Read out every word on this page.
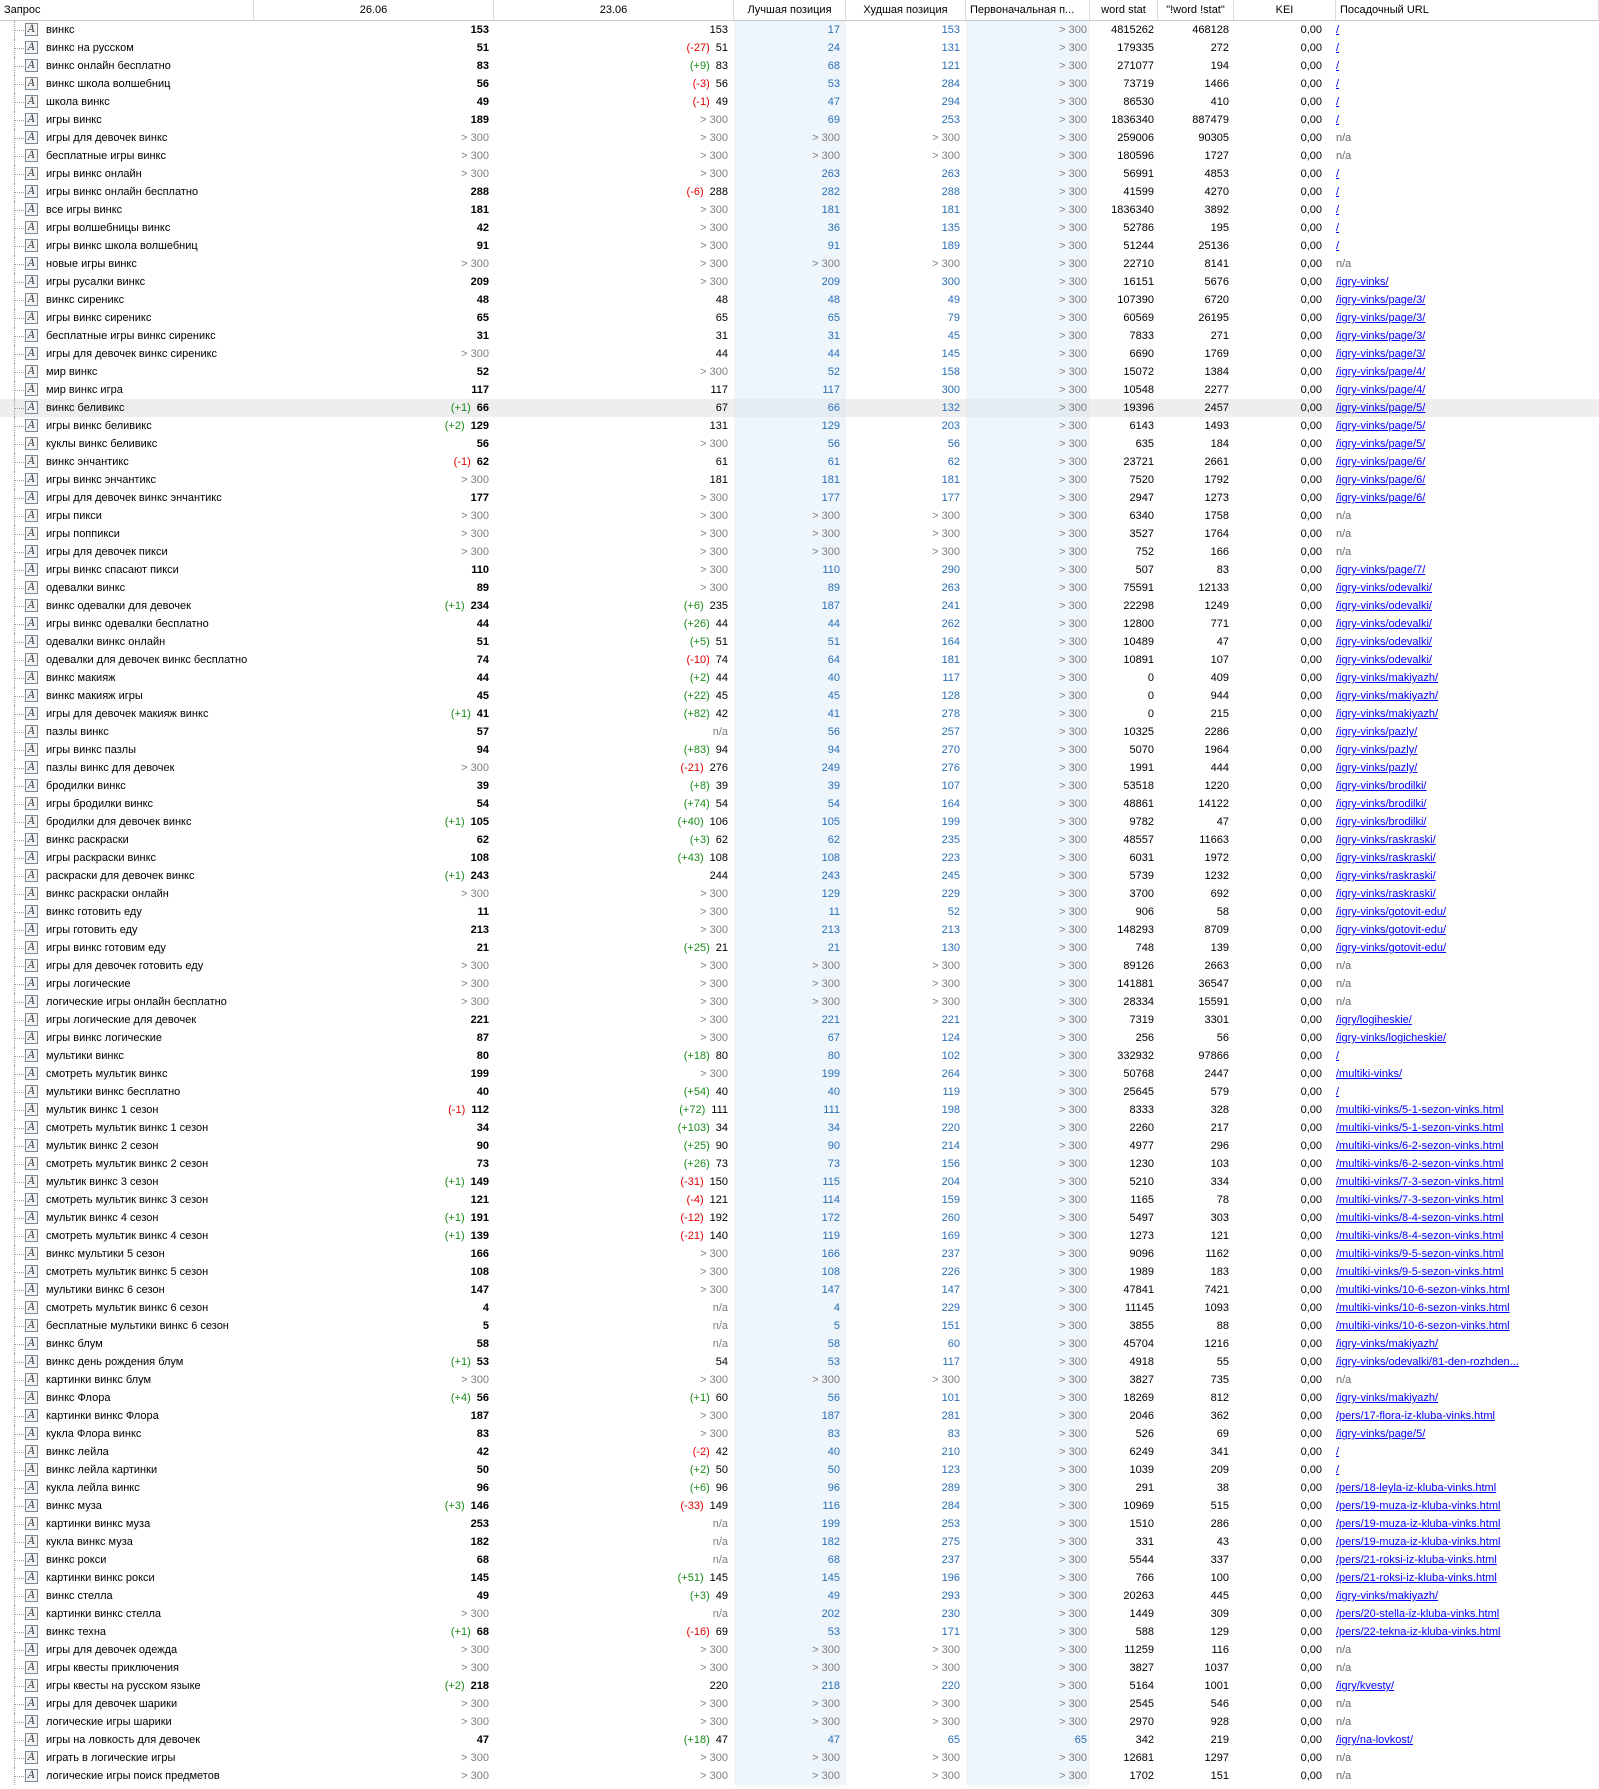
Запрос	26.06	23.06	Лучшая позиция	Худшая позиция	Первоначальная п...	word stat	"!word !stat"	KEI	Посадочный URL
A винкс	153	153	17	153	> 300	4815262	468128	0,00 /
A винкс на русском	51	(-27) 51	24	131	> 300	179335	272	0,00 /
A винкс онлайн бесплатно	83	(+9) 83	68	121	> 300	271077	194	0,00 /
A винкс школа волшебниц	56	(-3) 56	53	284	> 300	73719	1466	0,00 /
A школа винкс	49	(-1) 49	47	294	> 300	86530	410	0,00 /
A игры винкс	189	> 300	69	253	> 300	1836340	887479	0,00 /
A игры для девочек винкс	> 300	> 300	> 300	> 300	> 300	259006	90305	0,00 n/a
A бесплатные игры винкс	> 300	> 300	> 300	> 300	> 300	180596	1727	0,00 n/a
A игры винкс онлайн	> 300	> 300	263	263	> 300	56991	4853	0,00 /
A игры винкс онлайн бесплатно	288	(-6) 288	282	288	> 300	41599	4270	0,00 /
A все игры винкс	181	> 300	181	181	> 300	1836340	3892	0,00 /
A игры волшебницы винкс	42	> 300	36	135	> 300	52786	195	0,00 /
A игры винкс школа волшебниц	91	> 300	91	189	> 300	51244	25136	0,00 /
A новые игры винкс	> 300	> 300	> 300	> 300	> 300	22710	8141	0,00 n/a
A игры русалки винкс	209	> 300	209	300	> 300	16151	5676	0,00 /igry-vinks/
A винкс сиреникс	48	48	48	49	> 300	107390	6720	0,00 /igry-vinks/page/3/
A игры винкс сиреникс	65	65	65	79	> 300	60569	26195	0,00 /igry-vinks/page/3/
A бесплатные игры винкс сиреникс	31	31	31	45	> 300	7833	271	0,00 /igry-vinks/page/3/
A игры для девочек винкс сиреникс	> 300	44	44	145	> 300	6690	1769	0,00 /igry-vinks/page/3/
A мир винкс	52	> 300	52	158	> 300	15072	1384	0,00 /igry-vinks/page/4/
A мир винкс игра	117	117	117	300	> 300	10548	2277	0,00 /igry-vinks/page/4/
A винкс беливикс	(+1) 66	67	66	132	> 300	19396	2457	0,00 /igry-vinks/page/5/
A игры винкс беливикс	(+2) 129	131	129	203	> 300	6143	1493	0,00 /igry-vinks/page/5/
A куклы винкс беливикс	56	> 300	56	56	> 300	635	184	0,00 /igry-vinks/page/5/
A винкс энчантикс	(-1) 62	61	61	62	> 300	23721	2661	0,00 /igry-vinks/page/6/
A игры винкс энчантикс	> 300	181	181	181	> 300	7520	1792	0,00 /igry-vinks/page/6/
A игры для девочек винкс энчантикс	177	> 300	177	177	> 300	2947	1273	0,00 /igry-vinks/page/6/
A игры пикси	> 300	> 300	> 300	> 300	> 300	6340	1758	0,00 n/a
A игры поппикси	> 300	> 300	> 300	> 300	> 300	3527	1764	0,00 n/a
A игры для девочек пикси	> 300	> 300	> 300	> 300	> 300	752	166	0,00 n/a
A игры винкс спасают пикси	110	> 300	110	290	> 300	507	83	0,00 /igry-vinks/page/7/
A одевалки винкс	89	> 300	89	263	> 300	75591	12133	0,00 /igry-vinks/odevalki/
A винкс одевалки для девочек	(+1) 234	(+6) 235	187	241	> 300	22298	1249	0,00 /igry-vinks/odevalki/
A игры винкс одевалки бесплатно	44	(+26) 44	44	262	> 300	12800	771	0,00 /igry-vinks/odevalki/
A одевалки винкс онлайн	51	(+5) 51	51	164	> 300	10489	47	0,00 /igry-vinks/odevalki/
A одевалки для девочек винкс бесплатно	74	(-10) 74	64	181	> 300	10891	107	0,00 /igry-vinks/odevalki/
A винкс макияж	44	(+2) 44	40	117	> 300	0	409	0,00 /igry-vinks/makiyazh/
A винкс макияж игры	45	(+22) 45	45	128	> 300	0	944	0,00 /igry-vinks/makiyazh/
A игры для девочек макияж винкс	(+1) 41	(+82) 42	41	278	> 300	0	215	0,00 /igry-vinks/makiyazh/
A пазлы винкс	57	n/a	56	257	> 300	10325	2286	0,00 /igry-vinks/pazly/
A игры винкс пазлы	94	(+83) 94	94	270	> 300	5070	1964	0,00 /igry-vinks/pazly/
A пазлы винкс для девочек	> 300	(-21) 276	249	276	> 300	1991	444	0,00 /igry-vinks/pazly/
A бродилки винкс	39	(+8) 39	39	107	> 300	53518	1220	0,00 /igry-vinks/brodilki/
A игры бродилки винкс	54	(+74) 54	54	164	> 300	48861	14122	0,00 /igry-vinks/brodilki/
A бродилки для девочек винкс	(+1) 105	(+40) 106	105	199	> 300	9782	47	0,00 /igry-vinks/brodilki/
A винкс раскраски	62	(+3) 62	62	235	> 300	48557	11663	0,00 /igry-vinks/raskraski/
A игры раскраски винкс	108	(+43) 108	108	223	> 300	6031	1972	0,00 /igry-vinks/raskraski/
A раскраски для девочек винкс	(+1) 243	244	243	245	> 300	5739	1232	0,00 /igry-vinks/raskraski/
A винкс раскраски онлайн	> 300	> 300	129	229	> 300	3700	692	0,00 /igry-vinks/raskraski/
A винкс готовить еду	11	> 300	11	52	> 300	906	58	0,00 /igry-vinks/gotovit-edu/
A игры готовить еду	213	> 300	213	213	> 300	148293	8709	0,00 /igry-vinks/gotovit-edu/
A игры винкс готовим еду	21	(+25) 21	21	130	> 300	748	139	0,00 /igry-vinks/gotovit-edu/
A игры для девочек готовить еду	> 300	> 300	> 300	> 300	> 300	89126	2663	0,00 n/a
A игры логические	> 300	> 300	> 300	> 300	> 300	141881	36547	0,00 n/a
A логические игры онлайн бесплатно	> 300	> 300	> 300	> 300	> 300	28334	15591	0,00 n/a
A игры логические для девочек	221	> 300	221	221	> 300	7319	3301	0,00 /igry/logiheskie/
A игры винкс логические	87	> 300	67	124	> 300	256	56	0,00 /igry-vinks/logicheskie/
A мультики винкс	80	(+18) 80	80	102	> 300	332932	97866	0,00 /
A смотреть мультик винкс	199	> 300	199	264	> 300	50768	2447	0,00 /multiki-vinks/
A мультики винкс бесплатно	40	(+54) 40	40	119	> 300	25645	579	0,00 /
A мультик винкс 1 сезон	(-1) 112	(+72) 111	111	198	> 300	8333	328	0,00 /multiki-vinks/5-1-sezon-vinks.html
A смотреть мультик винкс 1 сезон	34	(+103) 34	34	220	> 300	2260	217	0,00 /multiki-vinks/5-1-sezon-vinks.html
A мультик винкс 2 сезон	90	(+25) 90	90	214	> 300	4977	296	0,00 /multiki-vinks/6-2-sezon-vinks.html
A смотреть мультик винкс 2 сезон	73	(+26) 73	73	156	> 300	1230	103	0,00 /multiki-vinks/6-2-sezon-vinks.html
A мультик винкс 3 сезон	(+1) 149	(-31) 150	115	204	> 300	5210	334	0,00 /multiki-vinks/7-3-sezon-vinks.html
A смотреть мультик винкс 3 сезон	121	(-4) 121	114	159	> 300	1165	78	0,00 /multiki-vinks/7-3-sezon-vinks.html
A мультик винкс 4 сезон	(+1) 191	(-12) 192	172	260	> 300	5497	303	0,00 /multiki-vinks/8-4-sezon-vinks.html
A смотреть мультик винкс 4 сезон	(+1) 139	(-21) 140	119	169	> 300	1273	121	0,00 /multiki-vinks/8-4-sezon-vinks.html
A винкс мультики 5 сезон	166	> 300	166	237	> 300	9096	1162	0,00 /multiki-vinks/9-5-sezon-vinks.html
A смотреть мультик винкс 5 сезон	108	> 300	108	226	> 300	1989	183	0,00 /multiki-vinks/9-5-sezon-vinks.html
A мультики винкс 6 сезон	147	> 300	147	147	> 300	47841	7421	0,00 /multiki-vinks/10-6-sezon-vinks.html
A смотреть мультик винкс 6 сезон	4	n/a	4	229	> 300	11145	1093	0,00 /multiki-vinks/10-6-sezon-vinks.html
A бесплатные мультики винкс 6 сезон	5	n/a	5	151	> 300	3855	88	0,00 /multiki-vinks/10-6-sezon-vinks.html
A винкс блум	58	n/a	58	60	> 300	45704	1216	0,00 /igry-vinks/makiyazh/
A винкс день рождения блум	(+1) 53	54	53	117	> 300	4918	55	0,00 /igry-vinks/odevalki/81-den-rozhden...
A картинки винкс блум	> 300	> 300	> 300	> 300	> 300	3827	735	0,00 n/a
A винкс Флора	(+4) 56	(+1) 60	56	101	> 300	18269	812	0,00 /igry-vinks/makiyazh/
A картинки винкс Флора	187	> 300	187	281	> 300	2046	362	0,00 /pers/17-flora-iz-kluba-vinks.html
A кукла Флора винкс	83	> 300	83	83	> 300	526	69	0,00 /igry-vinks/page/5/
A винкс лейла	42	(-2) 42	40	210	> 300	6249	341	0,00 /
A винкс лейла картинки	50	(+2) 50	50	123	> 300	1039	209	0,00 /
A кукла лейла винкс	96	(+6) 96	96	289	> 300	291	38	0,00 /pers/18-leyla-iz-kluba-vinks.html
A винкс муза	(+3) 146	(-33) 149	116	284	> 300	10969	515	0,00 /pers/19-muza-iz-kluba-vinks.html
A картинки винкс муза	253	n/a	199	253	> 300	1510	286	0,00 /pers/19-muza-iz-kluba-vinks.html
A кукла винкс муза	182	n/a	182	275	> 300	331	43	0,00 /pers/19-muza-iz-kluba-vinks.html
A винкс рокси	68	n/a	68	237	> 300	5544	337	0,00 /pers/21-roksi-iz-kluba-vinks.html
A картинки винкс рокси	145	(+51) 145	145	196	> 300	766	100	0,00 /pers/21-roksi-iz-kluba-vinks.html
A винкс стелла	49	(+3) 49	49	293	> 300	20263	445	0,00 /igry-vinks/makiyazh/
A картинки винкс стелла	> 300	n/a	202	230	> 300	1449	309	0,00 /pers/20-stella-iz-kluba-vinks.html
A винкс техна	(+1) 68	(-16) 69	53	171	> 300	588	129	0,00 /pers/22-tekna-iz-kluba-vinks.html
A игры для девочек одежда	> 300	> 300	> 300	> 300	> 300	11259	116	0,00 n/a
A игры квесты приключения	> 300	> 300	> 300	> 300	> 300	3827	1037	0,00 n/a
A игры квесты на русском языке	(+2) 218	220	218	220	> 300	5164	1001	0,00 /igry/kvesty/
A игры для девочек шарики	> 300	> 300	> 300	> 300	> 300	2545	546	0,00 n/a
A логические игры шарики	> 300	> 300	> 300	> 300	> 300	2970	928	0,00 n/a
A игры на ловкость для девочек	47	(+18) 47	47	65	65	342	219	0,00 /igry/na-lovkost/
A играть в логические игры	> 300	> 300	> 300	> 300	> 300	12681	1297	0,00 n/a
A логические игры поиск предметов	> 300	> 300	> 300	> 300	> 300	1702	151	0,00 n/a
